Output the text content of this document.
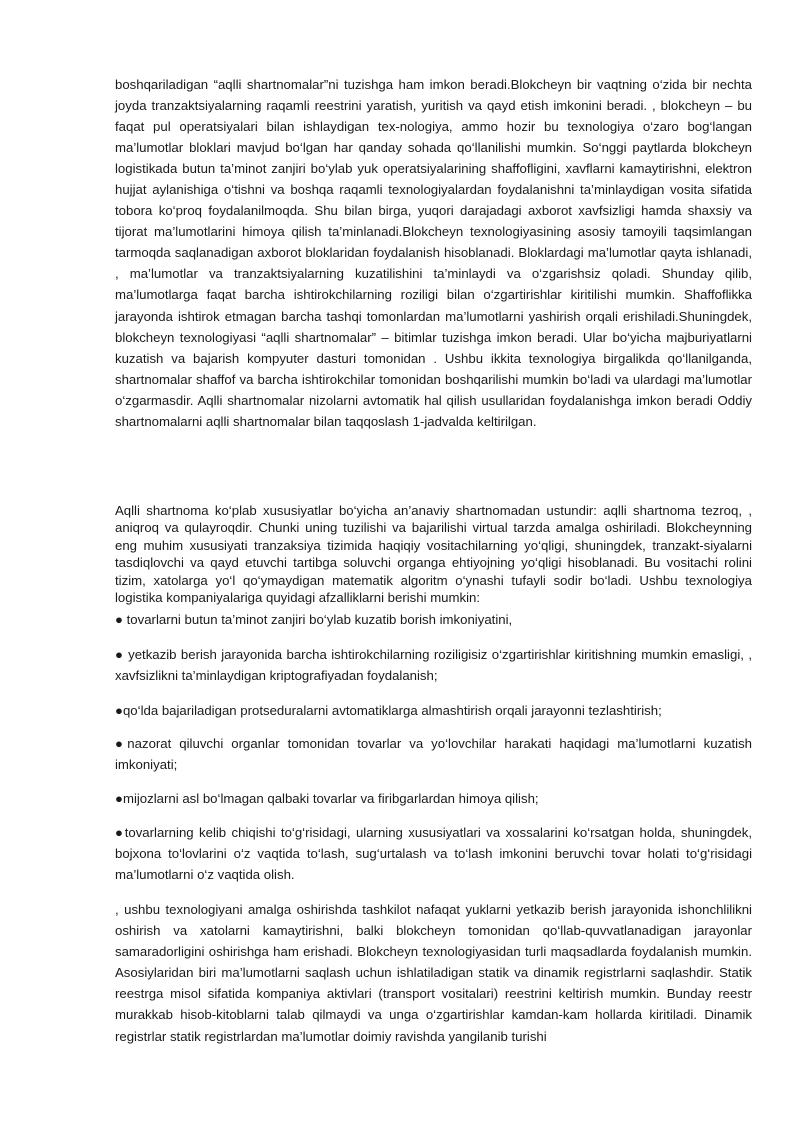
boshqariladigan “aqlli shartnomalar”ni tuzishga ham imkon beradi.Blokcheyn bir vaqtning o‘zida bir nechta joyda tranzaktsiyalarning raqamli reestrini yaratish, yuritish va qayd etish imkonini beradi. , blokcheyn – bu faqat pul operatsiyalari bilan ishlaydigan tex-nologiya, ammo hozir bu texnologiya o‘zaro bog‘langan ma’lumotlar bloklari mavjud bo‘lgan har qanday sohada qo‘llanilishi mumkin. So‘nggi paytlarda blokcheyn logistikada butun ta’minot zanjiri bo‘ylab yuk operatsiyalarining shaffofligini, xavflarni kamaytirishni, elektron hujjat aylanishiga o‘tishni va boshqa raqamli texnologiyalardan foydalanishni ta’minlaydigan vosita sifatida tobora ko‘proq foydalanilmoqda. Shu bilan birga, yuqori darajadagi axborot xavfsizligi hamda shaxsiy va tijorat ma’lumotlarini himoya qilish ta’minlanadi.Blokcheyn texnologiyasining asosiy tamoyili taqsimlangan tarmoqda saqlanadigan axborot bloklaridan foydalanish hisoblanadi. Bloklardagi ma’lumotlar qayta ishlanadi, , ma’lumotlar va tranzaktsiyalarning kuzatilishini ta’minlaydi va o‘zgarishsiz qoladi. Shunday qilib, ma’lumotlarga faqat barcha ishtirokchilarning roziligi bilan o‘zgartirishlar kiritilishi mumkin. Shaffoflikka jarayonda ishtirok etmagan barcha tashqi tomonlardan ma’lumotlarni yashirish orqali erishiladi.Shuningdek, blokcheyn texnologiyasi “aqlli shartnomalar” – bitimlar tuzishga imkon beradi. Ular bo‘yicha majburiyatlarni kuzatish va bajarish kompyuter dasturi tomonidan . Ushbu ikkita texnologiya birgalikda qo‘llanilganda, shartnomalar shaffof va barcha ishtirokchilar tomonidan boshqarilishi mumkin bo‘ladi va ulardagi ma’lumotlar o‘zgarmasdir. Aqlli shartnomalar nizolarni avtomatik hal qilish usullaridan foydalanishga imkon beradi Oddiy shartnomalarni aqlli shartnomalar bilan taqqoslash 1-jadvalda keltirilgan.

Aqlli shartnoma ko‘plab xususiyatlar bo‘yicha an’anaviy shartnomadan ustundir: aqlli shartnoma tezroq, , aniqroq va qulayroqdir. Chunki uning tuzilishi va bajarilishi virtual tarzda amalga oshiriladi. Blokcheynning eng muhim xususiyati tranzaksiya tizimida haqiqiy vositachilarning yo‘qligi, shuningdek, tranzakt-siyalarni tasdiqlovchi va qayd etuvchi tartibga soluvchi organga ehtiyojning yo‘qligi hisoblanadi. Bu vositachi rolini tizim, xatolarga yo‘l qo‘ymaydigan matematik algoritm o‘ynashi tufayli sodir bo‘ladi. Ushbu texnologiya logistika kompaniyalariga quyidagi afzalliklarni berishi mumkin:

● tovarlarni butun ta’minot zanjiri bo‘ylab kuzatib borish imkoniyatini,

● yetkazib berish jarayonida barcha ishtirokchilarning roziligisiz o‘zgartirishlar kiritishning mumkin emasligi, , xavfsizlikni ta’minlaydigan kriptografiyadan foydalanish;

●qo‘lda bajariladigan protseduralarni avtomatiklarga almashtirish orqali jarayonni tezlashtirish;

●nazorat qiluvchi organlar tomonidan tovarlar va yo‘lovchilar harakati haqidagi ma’lumotlarni kuzatish imkoniyati;

●mijozlarni asl bo‘lmagan qalbaki tovarlar va firibgarlardan himoya qilish;

●tovarlarning kelib chiqishi to‘g‘risidagi, ularning xususiyatlari va xossalarini ko‘rsatgan holda, shuningdek, bojxona to‘lovlarini o‘z vaqtida to‘lash, sug‘urtalash va to‘lash imkonini beruvchi tovar holati to‘g‘risidagi ma’lumotlarni o‘z vaqtida olish.

, ushbu texnologiyani amalga oshirishda tashkilot nafaqat yuklarni yetkazib berish jarayonida ishonchlilikni oshirish va xatolarni kamaytirishni, balki blokcheyn tomonidan qo‘llab-quvvatlanadigan jarayonlar samaradorligini oshirishga ham erishadi. Blokcheyn texnologiyasidan turli maqsadlarda foydalanish mumkin. Asosiylaridan biri ma’lumotlarni saqlash uchun ishlatiladigan statik va dinamik registrlarni saqlashdir. Statik reestrga misol sifatida kompaniya aktivlari (transport vositalari) reestrini keltirish mumkin. Bunday reestr murakkab hisob-kitoblarni talab qilmaydi va unga o‘zgartirishlar kamdan-kam hollarda kiritiladi. Dinamik registrlar statik registrlardan ma’lumotlar doimiy ravishda yangilanib turishi
